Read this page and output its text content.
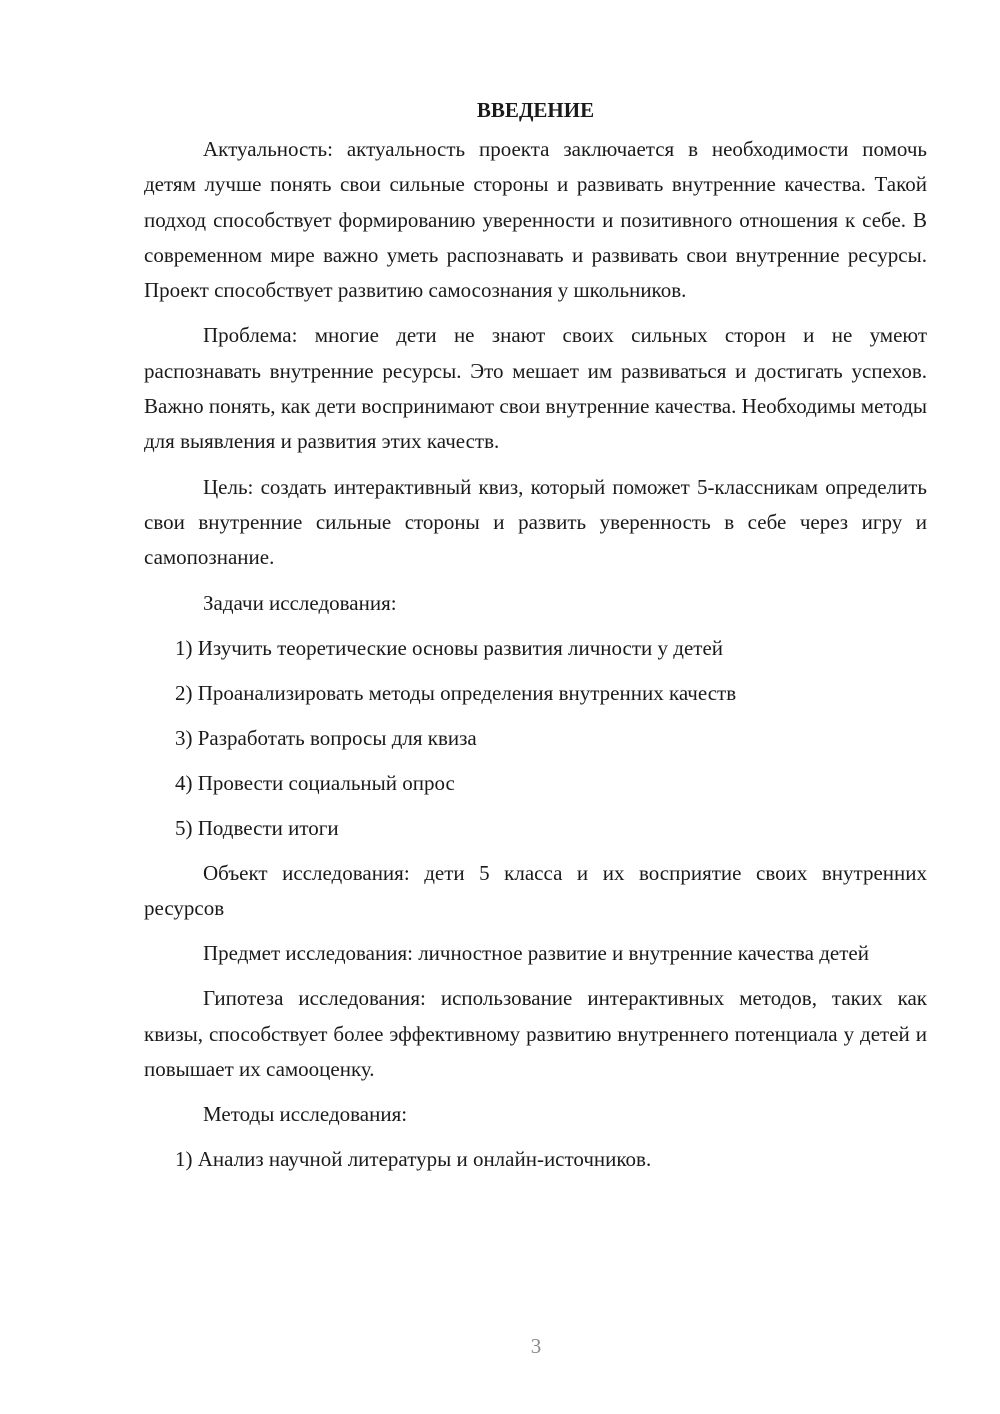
ВВЕДЕНИЕ

Актуальность: актуальность проекта заключается в необходимости помочь детям лучше понять свои сильные стороны и развивать внутренние качества. Такой подход способствует формированию уверенности и позитивного отношения к себе. В современном мире важно уметь распознавать и развивать свои внутренние ресурсы. Проект способствует развитию самосознания у школьников.

Проблема: многие дети не знают своих сильных сторон и не умеют распознавать внутренние ресурсы. Это мешает им развиваться и достигать успехов. Важно понять, как дети воспринимают свои внутренние качества. Необходимы методы для выявления и развития этих качеств.

Цель: создать интерактивный квиз, который поможет 5-классникам определить свои внутренние сильные стороны и развить уверенность в себе через игру и самопознание.

Задачи исследования:
1) Изучить теоретические основы развития личности у детей
2) Проанализировать методы определения внутренних качеств
3) Разработать вопросы для квиза
4) Провести социальный опрос
5) Подвести итоги

Объект исследования: дети 5 класса и их восприятие своих внутренних ресурсов

Предмет исследования: личностное развитие и внутренние качества детей

Гипотеза исследования: использование интерактивных методов, таких как квизы, способствует более эффективному развитию внутреннего потенциала у детей и повышает их самооценку.

Методы исследования:
1) Анализ научной литературы и онлайн-источников.
3
